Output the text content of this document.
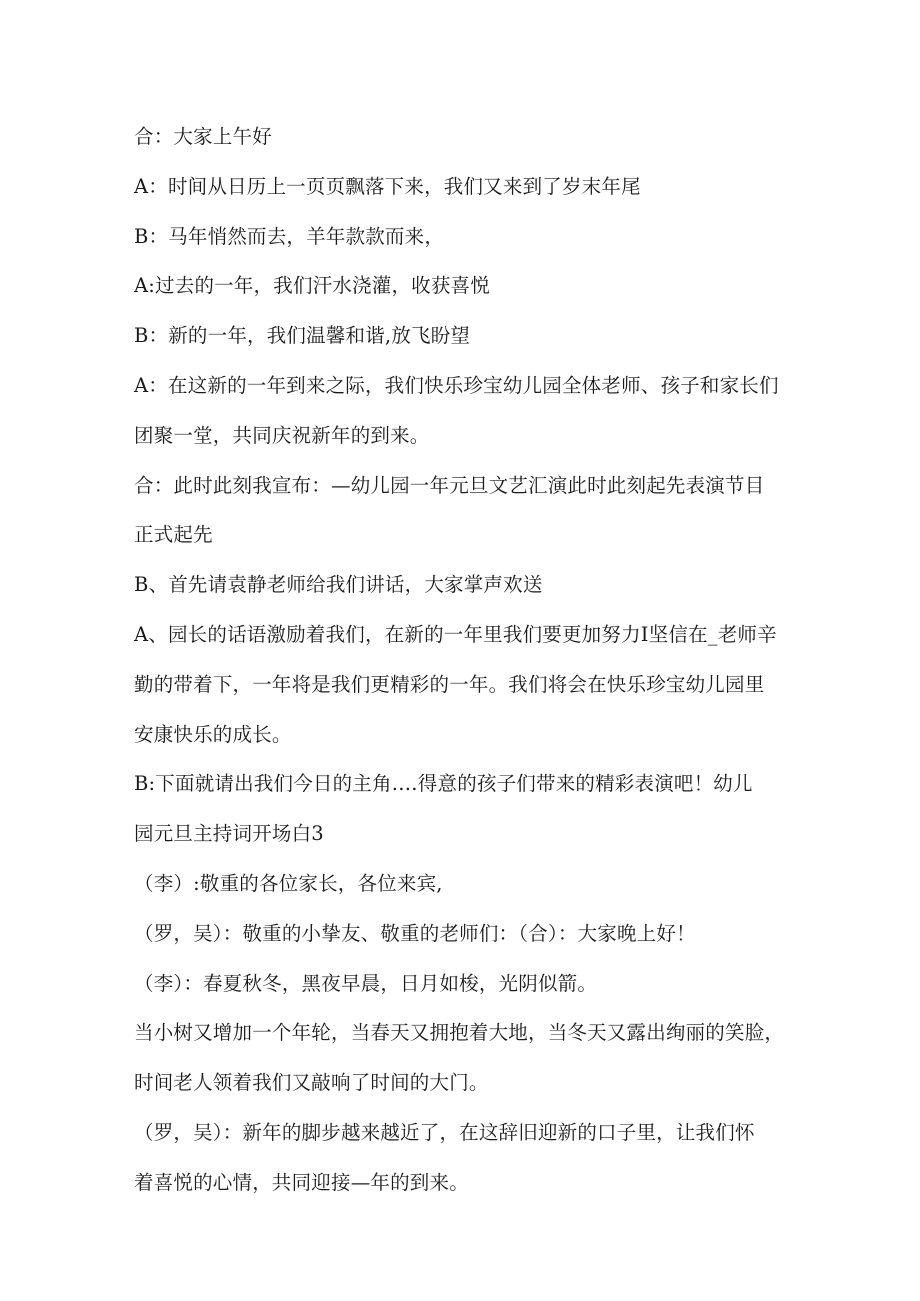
合：大家上午好
A：时间从日历上一页页飘落下来，我们又来到了岁末年尾
B：马年悄然而去，羊年款款而来，
A:过去的一年，我们汗水浇灌，收获喜悦
B：新的一年，我们温馨和谐,放飞盼望
A：在这新的一年到来之际，我们快乐珍宝幼儿园全体老师、孩子和家长们
团聚一堂，共同庆祝新年的到来。
合：此时此刻我宣布：—幼儿园一年元旦文艺汇演此时此刻起先表演节目
正式起先
B、首先请袁静老师给我们讲话，大家掌声欢送
A、园长的话语激励着我们，在新的一年里我们要更加努力I坚信在_老师辛
勤的带着下，一年将是我们更精彩的一年。我们将会在快乐珍宝幼儿园里
安康快乐的成长。
B:下面就请出我们今日的主角.…得意的孩子们带来的精彩表演吧！幼儿
园元旦主持词开场白3
（李）:敬重的各位家长，各位来宾,
（罗，吴）：敬重的小挚友、敬重的老师们：（合）：大家晚上好！
（李）：春夏秋冬，黑夜早晨，日月如梭，光阴似箭。
当小树又增加一个年轮，当春天又拥抱着大地，当冬天又露出绚丽的笑脸，
时间老人领着我们又敲响了时间的大门。
（罗，吴）：新年的脚步越来越近了，在这辞旧迎新的口子里，让我们怀
着喜悦的心情，共同迎接—年的到来。
